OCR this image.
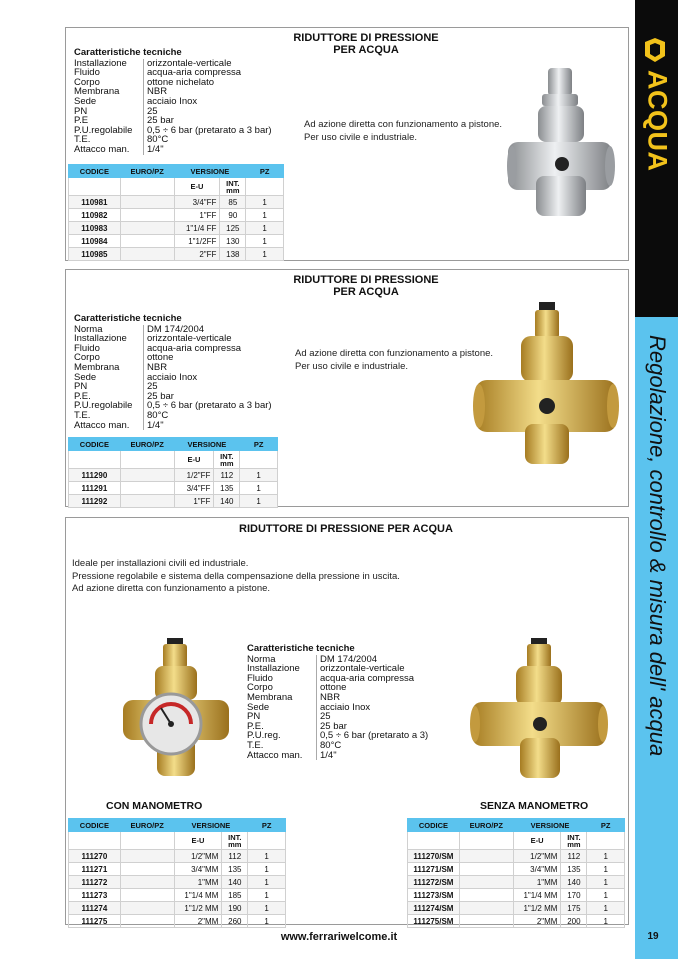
ACQUA
Regolazione, controllo & misura dell' acqua
RIDUTTORE DI PRESSIONE
PER ACQUA
Caratteristiche tecniche
Installazione	orizzontale-verticale
Fluido	acqua-aria compressa
Corpo	ottone nichelato
Membrana	NBR
Sede	acciaio Inox
PN	25
P.E	25 bar
P.U.regolabile	0,5 ÷ 6 bar (pretarato a 3 bar)
T.E.	80°C
Attacco man.	1/4"
Ad azione diretta con funzionamento a pistone.
Per uso civile e industriale.
CODICE	EURO/PZ	VERSIONE		PZ
		E-U	INT.
mm	
110981		3/4"FF	85	1
110982		1"FF	90	1
110983		1"1/4 FF	125	1
110984		1"1/2FF	130	1
110985		2"FF	138	1
RIDUTTORE DI PRESSIONE
PER ACQUA
Caratteristiche tecniche
Norma	DM 174/2004
Installazione	orizzontale-verticale
Fluido	acqua-aria compressa
Corpo	ottone
Membrana	NBR
Sede	acciaio Inox
PN	25
P.E.	25 bar
P.U.regolabile	0,5 ÷ 6 bar (pretarato a 3 bar)
T.E.	80°C
Attacco man.	1/4"
Ad azione diretta con funzionamento a pistone.
Per uso civile e industriale.
CODICE	EURO/PZ	VERSIONE		PZ
		E-U	INT.
mm	
111290		1/2"FF	112	1
111291		3/4"FF	135	1
111292		1"FF	140	1
RIDUTTORE DI PRESSIONE PER ACQUA
Ideale per installazioni civili ed industriale.
Pressione regolabile e sistema della compensazione della pressione in uscita.
Ad azione diretta con funzionamento a pistone.
Caratteristiche tecniche
Norma	DM 174/2004
Installazione	orizzontale-verticale
Fluido	acqua-aria compressa
Corpo	ottone
Membrana	NBR
Sede	acciaio Inox
PN	25
P.E.	25 bar
P.U.reg.	0,5 ÷ 6 bar (pretarato a 3)
T.E.	80°C
Attacco man.	1/4"
CON MANOMETRO	SENZA MANOMETRO
CODICE	EURO/PZ	VERSIONE		PZ
		E-U	INT.
mm	
111270		1/2"MM	112	1
111271		3/4"MM	135	1
111272		1"MM	140	1
111273		1"1/4 MM	185	1
111274		1"1/2 MM	190	1
111275		2"MM	260	1
CODICE	EURO/PZ	VERSIONE		PZ
		E-U	INT.
mm	
111270/SM		1/2"MM	112	1
111271/SM		3/4"MM	135	1
111272/SM		1"MM	140	1
111273/SM		1"1/4 MM	170	1
111274/SM		1"1/2 MM	175	1
111275/SM		2"MM	200	1
www.ferrariwelcome.it	19
